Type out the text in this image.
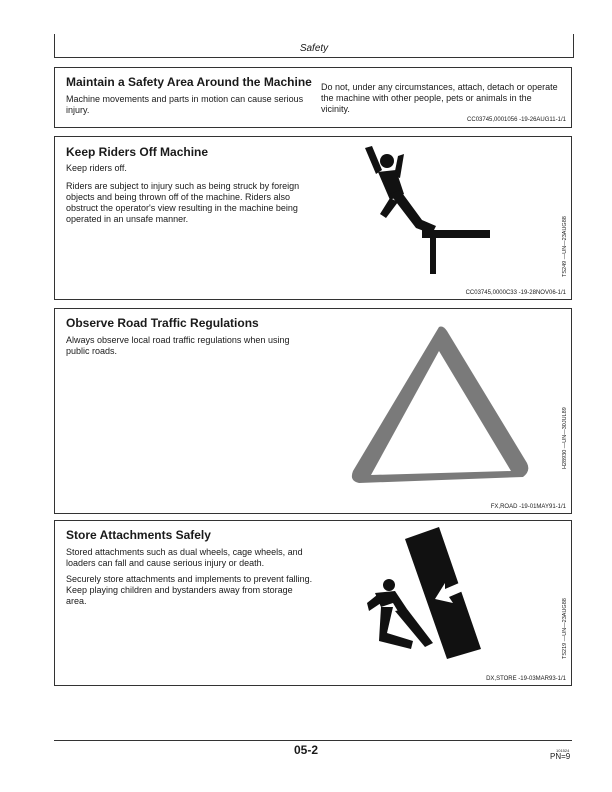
Safety
Maintain a Safety Area Around the Machine
Machine movements and parts in motion can cause serious injury.
Do not, under any circumstances, attach, detach or operate the machine with other people, pets or animals in the vicinity.
CC03745,0001056 -19-26AUG11-1/1
Keep Riders Off Machine
Keep riders off.
Riders are subject to injury such as being struck by foreign objects and being thrown off of the machine. Riders also obstruct the operator's view resulting in the machine being operated in an unsafe manner.	TS249 —UN—23AUG88
CC03745,0000C33 -19-28NOV06-1/1
Observe Road Traffic Regulations
Always observe local road traffic regulations when using public roads.
H28930 —UN—30JUL89
FX,ROAD -19-01MAY91-1/1
Store Attachments Safely
Stored attachments such as dual wheels, cage wheels, and loaders can fall and cause serious injury or death.
Securely store attachments and implements to prevent falling. Keep playing children and bystanders away from storage area.	TS219 —UN—23AUG88
DX,STORE -19-03MAR93-1/1
05-2	101524
PN=9
